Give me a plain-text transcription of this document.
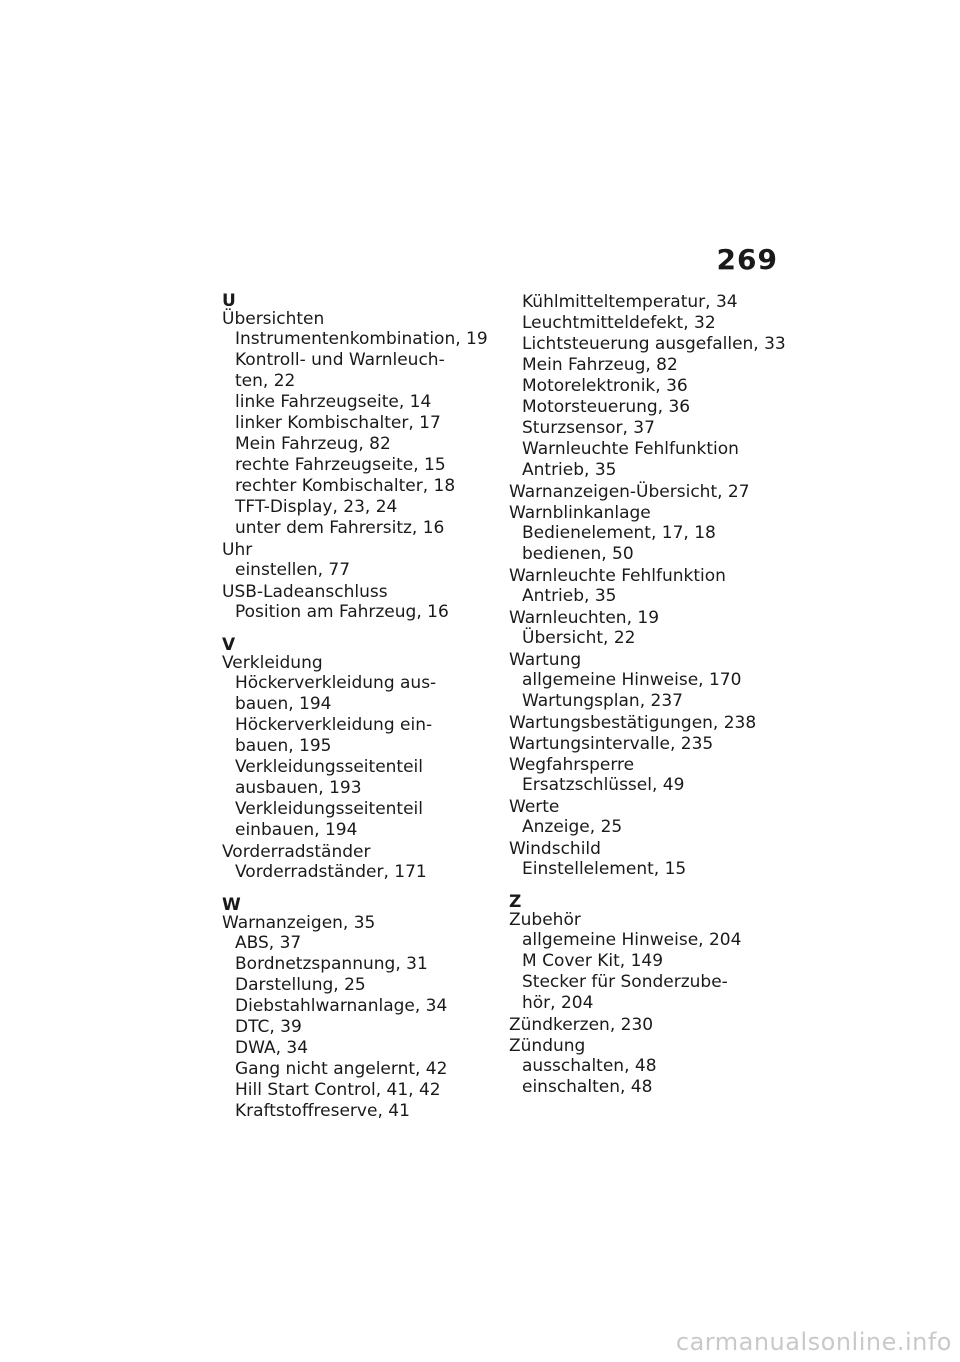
269
U
Übersichten
Instrumentenkombination, 19
Kontroll- und Warnleuch-
ten, 22
linke Fahrzeugseite, 14
linker Kombischalter, 17
Mein Fahrzeug, 82
rechte Fahrzeugseite, 15
rechter Kombischalter, 18
TFT-Display, 23, 24
unter dem Fahrersitz, 16
Uhr
einstellen, 77
USB-Ladeanschluss
Position am Fahrzeug, 16
V
Verkleidung
Höckerverkleidung aus-
bauen, 194
Höckerverkleidung ein-
bauen, 195
Verkleidungsseitenteil
ausbauen, 193
Verkleidungsseitenteil
einbauen, 194
Vorderradständer
Vorderradständer, 171
W
Warnanzeigen, 35
ABS, 37
Bordnetzspannung, 31
Darstellung, 25
Diebstahlwarnanlage, 34
DTC, 39
DWA, 34
Gang nicht angelernt, 42
Hill Start Control, 41, 42
Kraftstoffreserve, 41
Kühlmitteltemperatur, 34
Leuchtmitteldefekt, 32
Lichtsteuerung ausgefallen, 33
Mein Fahrzeug, 82
Motorelektronik, 36
Motorsteuerung, 36
Sturzsensor, 37
Warnleuchte Fehlfunktion
Antrieb, 35
Warnanzeigen-Übersicht, 27
Warnblinkanlage
Bedienelement, 17, 18
bedienen, 50
Warnleuchte Fehlfunktion
Antrieb, 35
Warnleuchten, 19
Übersicht, 22
Wartung
allgemeine Hinweise, 170
Wartungsplan, 237
Wartungsbestätigungen, 238
Wartungsintervalle, 235
Wegfahrsperre
Ersatzschlüssel, 49
Werte
Anzeige, 25
Windschild
Einstellelement, 15
Z
Zubehör
allgemeine Hinweise, 204
M Cover Kit, 149
Stecker für Sonderzube-
hör, 204
Zündkerzen, 230
Zündung
ausschalten, 48
einschalten, 48
carmanualsonline.info
